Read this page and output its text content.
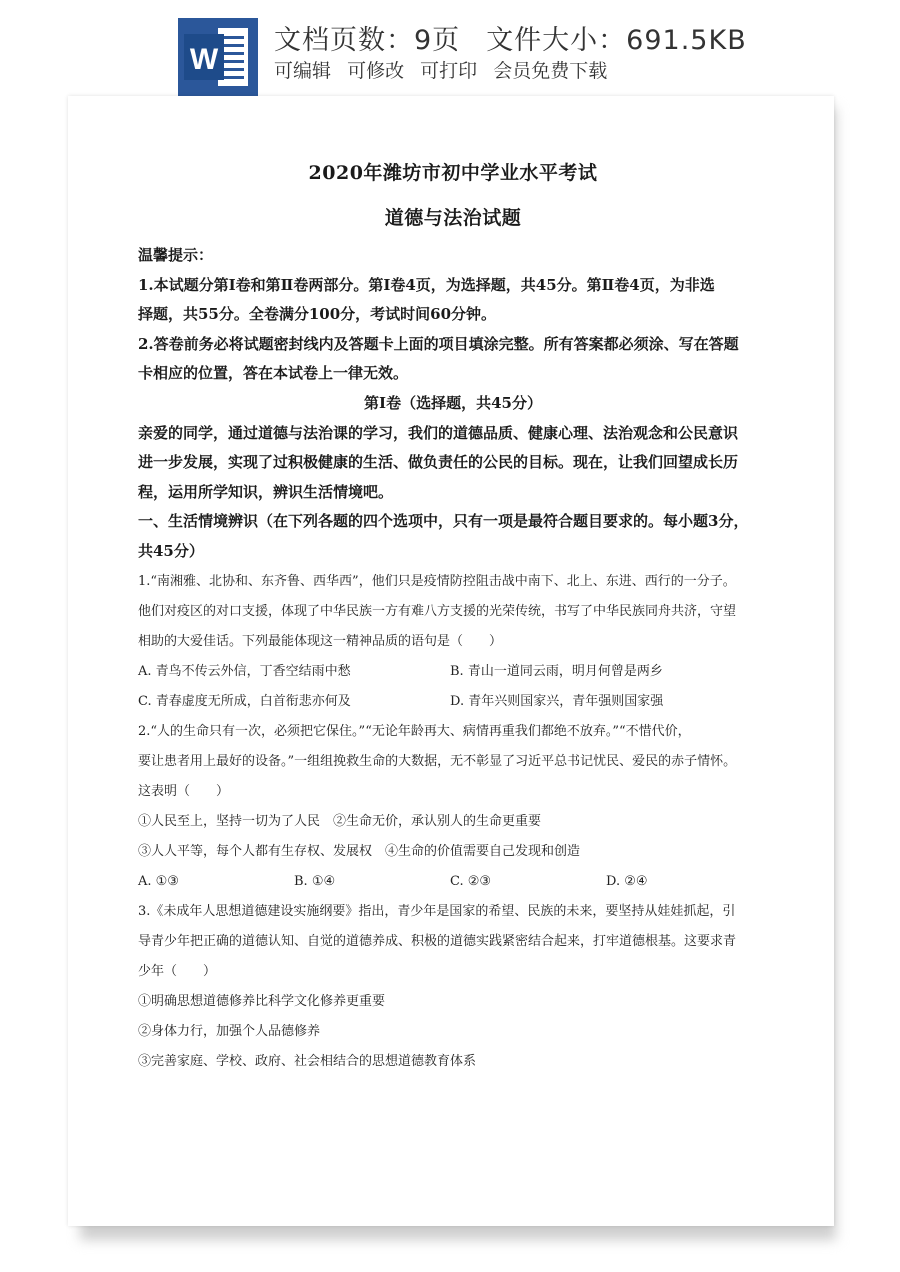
W
文档页数：9页 文件大小：691.5KB
可编辑 可修改 可打印 会员免费下载

2020年潍坊市初中学业水平考试

道德与法治试题

温馨提示：

1.本试题分第Ⅰ卷和第Ⅱ卷两部分。第Ⅰ卷4页，为选择题，共45分。第Ⅱ卷4页，为非选

择题，共55分。全卷满分100分，考试时间60分钟。

2.答卷前务必将试题密封线内及答题卡上面的项目填涂完整。所有答案都必须涂、写在答题

卡相应的位置，答在本试卷上一律无效。

第Ⅰ卷（选择题，共45分）

亲爱的同学，通过道德与法治课的学习，我们的道德品质、健康心理、法治观念和公民意识

进一步发展，实现了过积极健康的生活、做负责任的公民的目标。现在，让我们回望成长历

程，运用所学知识，辨识生活情境吧。

一、生活情境辨识（在下列各题的四个选项中，只有一项是最符合题目要求的。每小题3分，

共45分）

1.“南湘雅、北协和、东齐鲁、西华西”，他们只是疫情防控阻击战中南下、北上、东进、西行的一分子。

他们对疫区的对口支援，体现了中华民族一方有难八方支援的光荣传统，书写了中华民族同舟共济，守望

相助的大爱佳话。下列最能体现这一精神品质的语句是（　　）

A. 青鸟不传云外信，丁香空结雨中愁	B. 青山一道同云雨，明月何曾是两乡
C. 青春虚度无所成，白首衔悲亦何及	D. 青年兴则国家兴，青年强则国家强

2.“人的生命只有一次，必须把它保住。”“无论年龄再大、病情再重我们都绝不放弃。”“不惜代价，

要让患者用上最好的设备。”一组组挽救生命的大数据，无不彰显了习近平总书记忧民、爱民的赤子情怀。

这表明（　　）

①人民至上，坚持一切为了人民　②生命无价，承认别人的生命更重要

③人人平等，每个人都有生存权、发展权　④生命的价值需要自己发现和创造

A. ①③	B. ①④	C. ②③	D. ②④

3.《未成年人思想道德建设实施纲要》指出，青少年是国家的希望、民族的未来，要坚持从娃娃抓起，引

导青少年把正确的道德认知、自觉的道德养成、积极的道德实践紧密结合起来，打牢道德根基。这要求青

少年（　　）

①明确思想道德修养比科学文化修养更重要

②身体力行，加强个人品德修养

③完善家庭、学校、政府、社会相结合的思想道德教育体系
